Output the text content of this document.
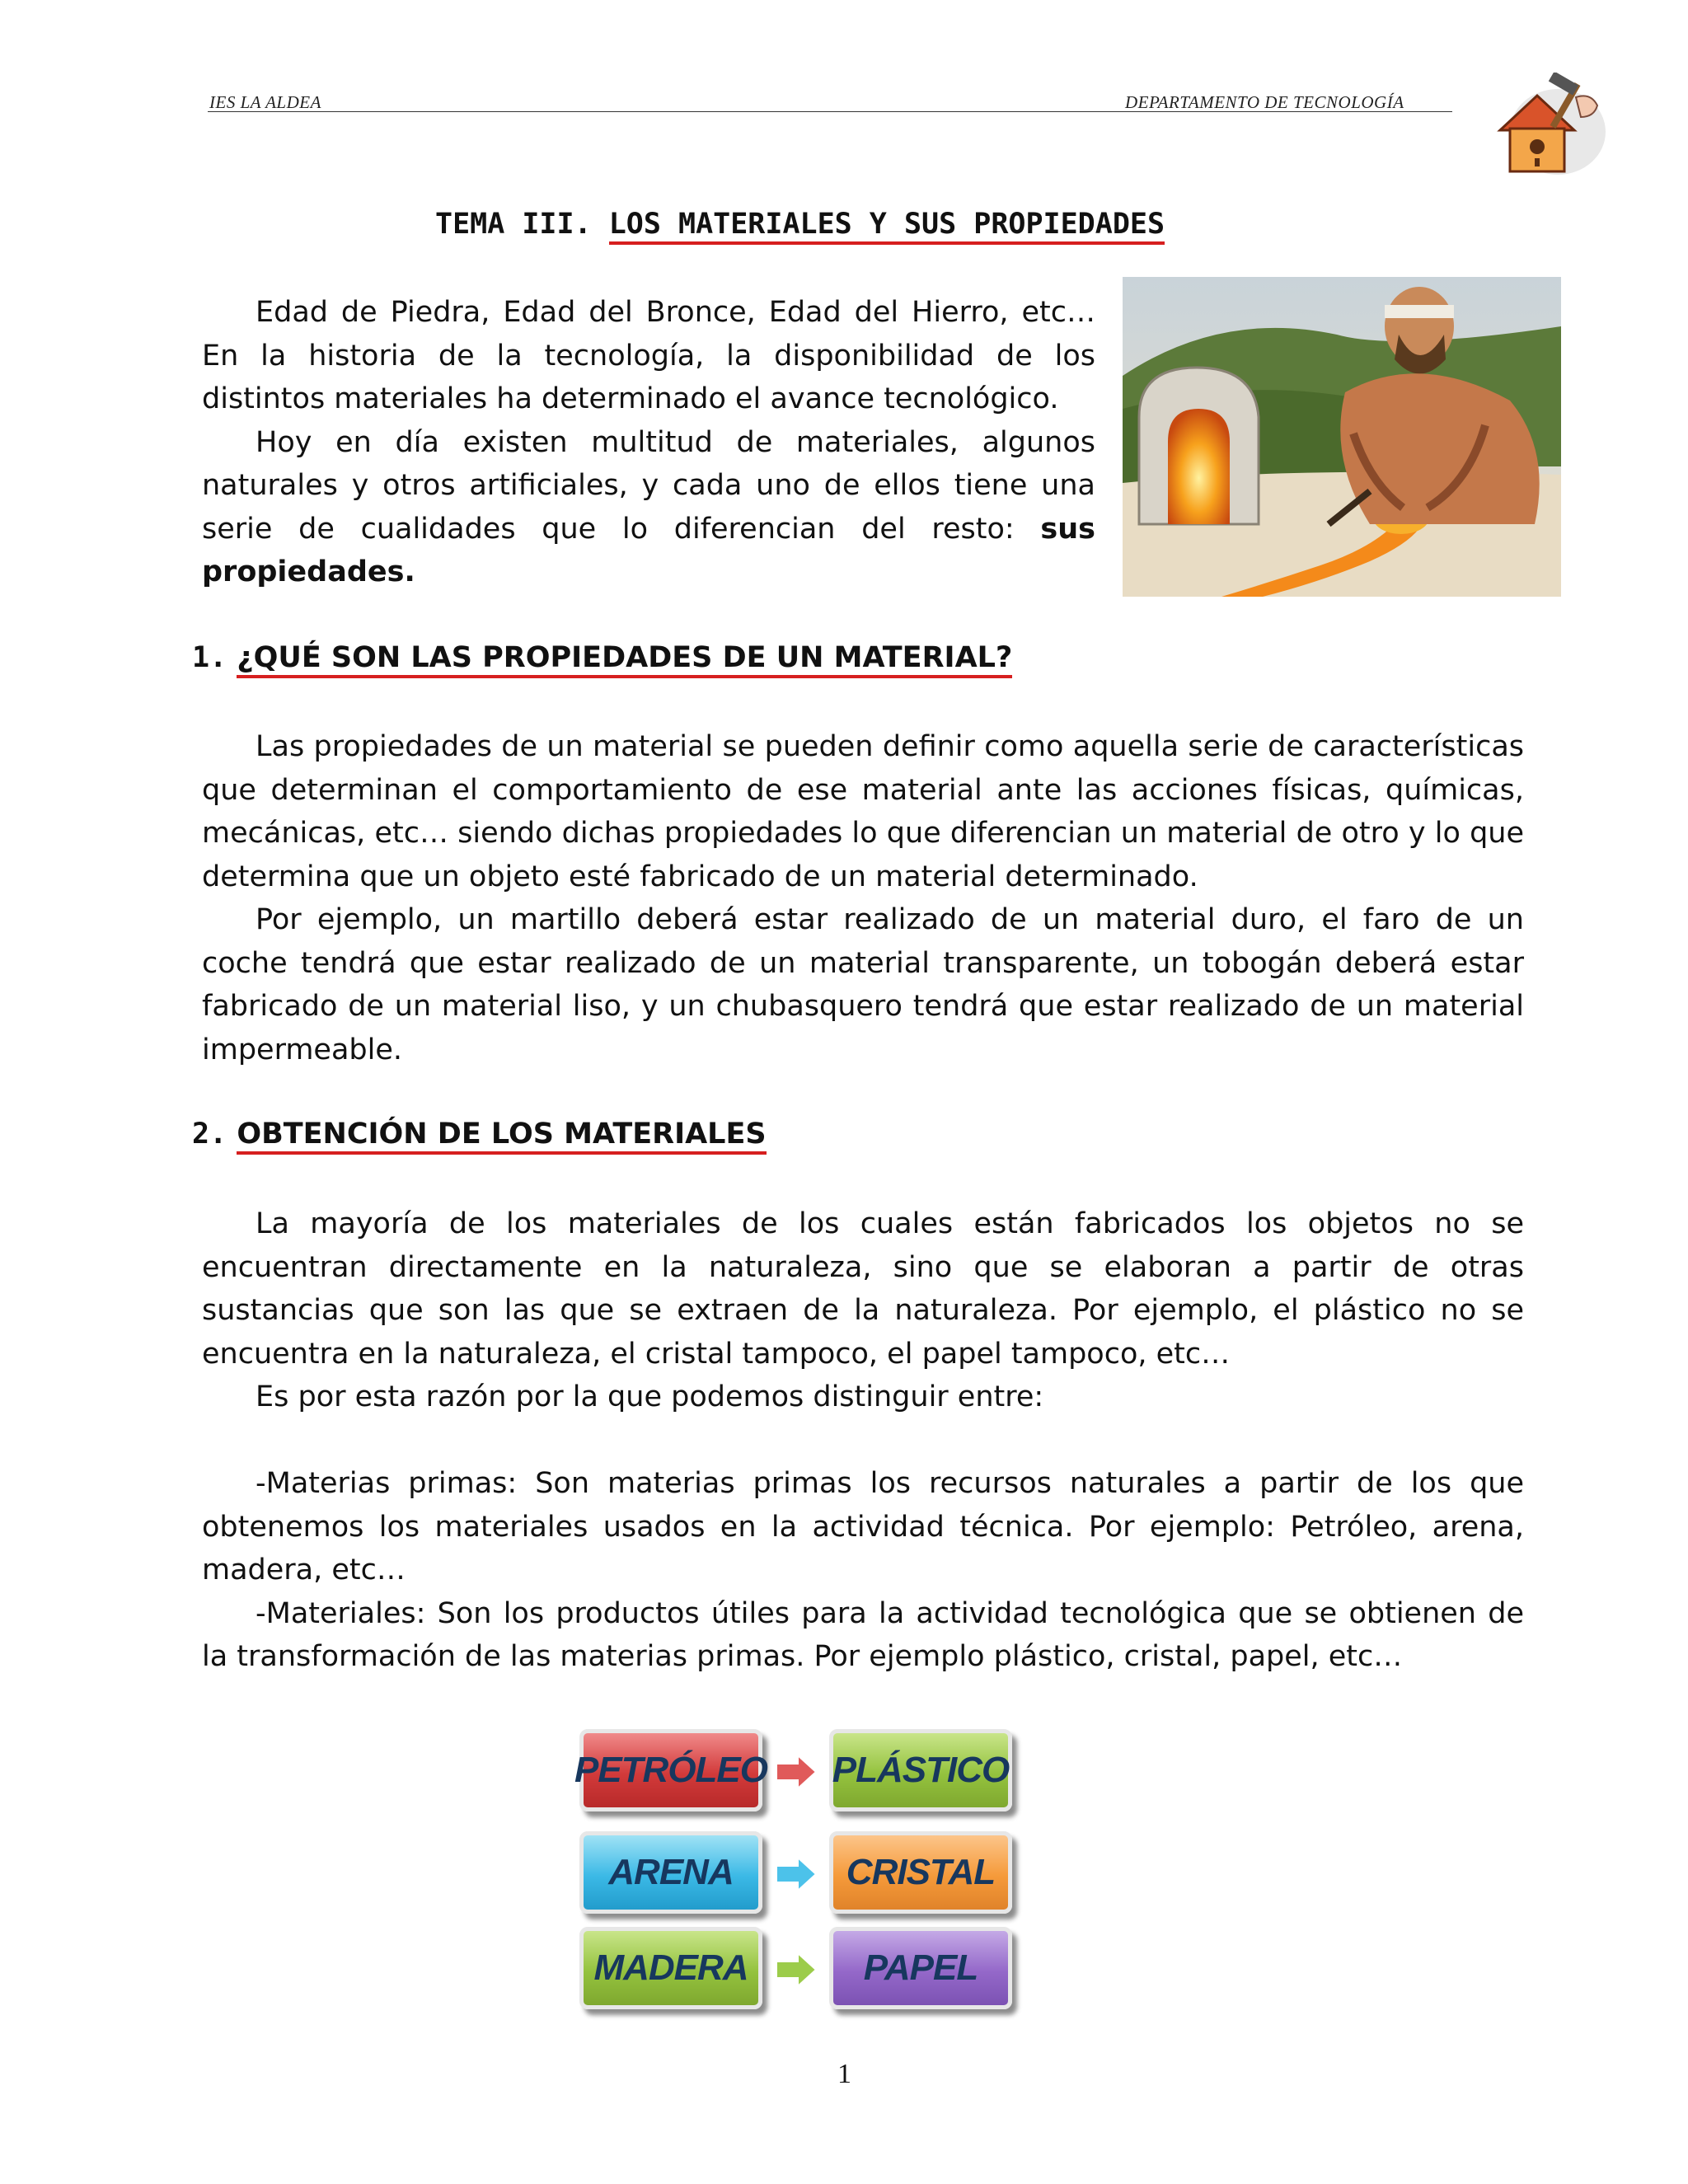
IES LA ALDEA	DEPARTAMENTO DE TECNOLOGÍA
TEMA III. LOS MATERIALES Y SUS PROPIEDADES

Edad de Piedra, Edad del Bronce, Edad del Hierro, etc… En la historia de la tecnología, la disponibilidad de los distintos materiales ha determinado el avance tecnológico.

Hoy en día existen multitud de materiales, algunos naturales y otros artificiales, y cada uno de ellos tiene una serie de cualidades que lo diferencian del resto: sus propiedades.

1. ¿QUÉ SON LAS PROPIEDADES DE UN MATERIAL?

Las propiedades de un material se pueden definir como aquella serie de características que determinan el comportamiento de ese material ante las acciones físicas, químicas, mecánicas, etc… siendo dichas propiedades lo que diferencian un material de otro y lo que determina que un objeto esté fabricado de un material determinado.

Por ejemplo, un martillo deberá estar realizado de un material duro, el faro de un coche tendrá que estar realizado de un material transparente, un tobogán deberá estar fabricado de un material liso, y un chubasquero tendrá que estar realizado de un material impermeable.

2. OBTENCIÓN DE LOS MATERIALES

La mayoría de los materiales de los cuales están fabricados los objetos no se encuentran directamente en la naturaleza, sino que se elaboran a partir de otras sustancias que son las que se extraen de la naturaleza. Por ejemplo, el plástico no se encuentra en la naturaleza, el cristal tampoco, el papel tampoco, etc…

Es por esta razón por la que podemos distinguir entre:

-Materias primas: Son materias primas los recursos naturales a partir de los que obtenemos los materiales usados en la actividad técnica. Por ejemplo: Petróleo, arena, madera, etc…

-Materiales: Son los productos útiles para la actividad tecnológica que se obtienen de la transformación de las materias primas. Por ejemplo plástico, cristal, papel, etc…

PETRÓLEO PLÁSTICO
ARENA	CRISTAL
MADERA	PAPEL
1
